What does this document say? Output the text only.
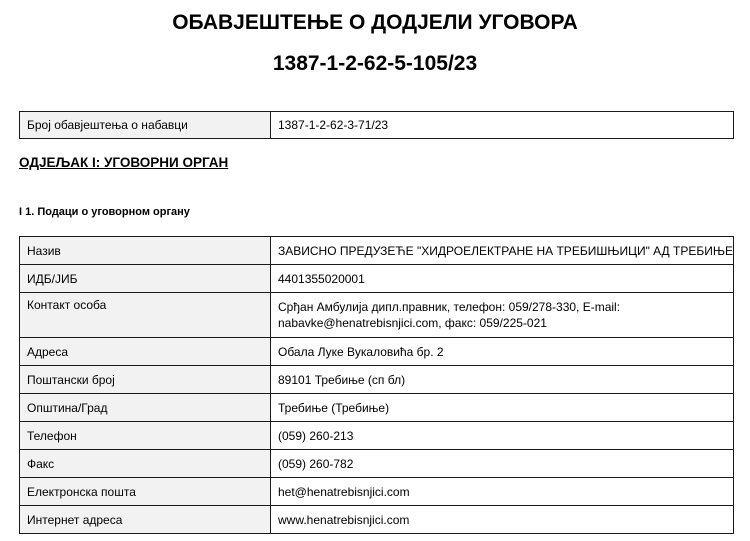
ОБАВЈЕШТЕЊЕ О ДОДЈЕЛИ УГОВОРА
1387-1-2-62-5-105/23
Број обавјештења о набавци	1387-1-2-62-3-71/23
ОДЈЕЉАК I: УГОВОРНИ ОРГАН
I 1. Подаци о уговорном органу
Назив	ЗАВИСНО ПРЕДУЗЕЋЕ "ХИДРОЕЛЕКТРАНЕ НА ТРЕБИШЊИЦИ" АД ТРЕБИЊЕ
ИДБ/ЈИБ	4401355020001
Контакт особа	Срђан Амбулија дипл.правник, телефон: 059/278-330, E-mail: nabavke@henatrebisnjici.com, факс: 059/225-021
Адреса	Обала Луке Вукаловића бр. 2
Поштански број	89101 Требиње (сп бл)
Општина/Град	Требиње (Требиње)
Телефон	(059) 260-213
Факс	(059) 260-782
Електронска пошта	het@henatrebisnjici.com
Интернет адреса	www.henatrebisnjici.com
